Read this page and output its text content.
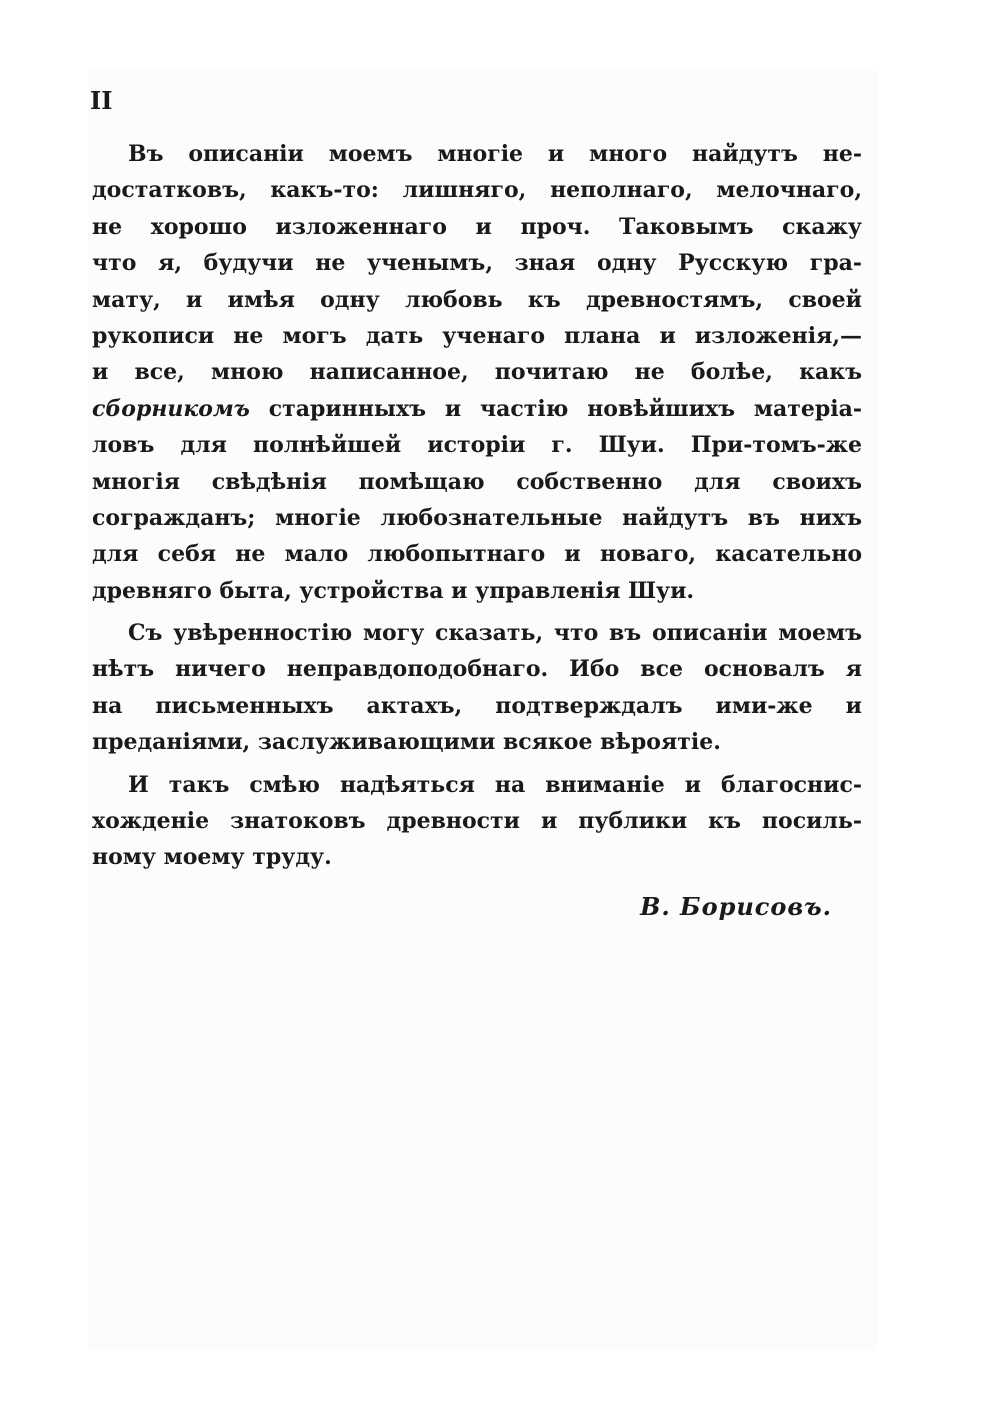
II
Въ описаніи моемъ многіе и много найдутъ не-
достатковъ, какъ-то: лишняго, неполнаго, мелочнаго,
не хорошо изложеннаго и проч. Таковымъ скажу
что я, будучи не ученымъ, зная одну Русскую гра-
мату, и имѣя одну любовь къ древностямъ, своей
рукописи не могъ дать ученаго плана и изложенія,—
и все, мною написанное, почитаю не болѣе, какъ
сборникомъ старинныхъ и частію новѣйшихъ матеріа-
ловъ для полнѣйшей исторіи г. Шуи. При-томъ-же
многія свѣдѣнія помѣщаю собственно для своихъ
согражданъ; многіе любознательные найдутъ въ нихъ
для себя не мало любопытнаго и новаго, касательно
древняго быта, устройства и управленія Шуи.
Съ увѣренностію могу сказать, что въ описаніи моемъ
нѣтъ ничего неправдоподобнаго. Ибо все основалъ я
на письменныхъ актахъ, подтверждалъ ими-же и
преданіями, заслуживающими всякое вѣроятіе.
И такъ смѣю надѣяться на вниманіе и благоснис-
хожденіе знатоковъ древности и публики къ посиль-
ному моему труду.
В. Борисовъ.
